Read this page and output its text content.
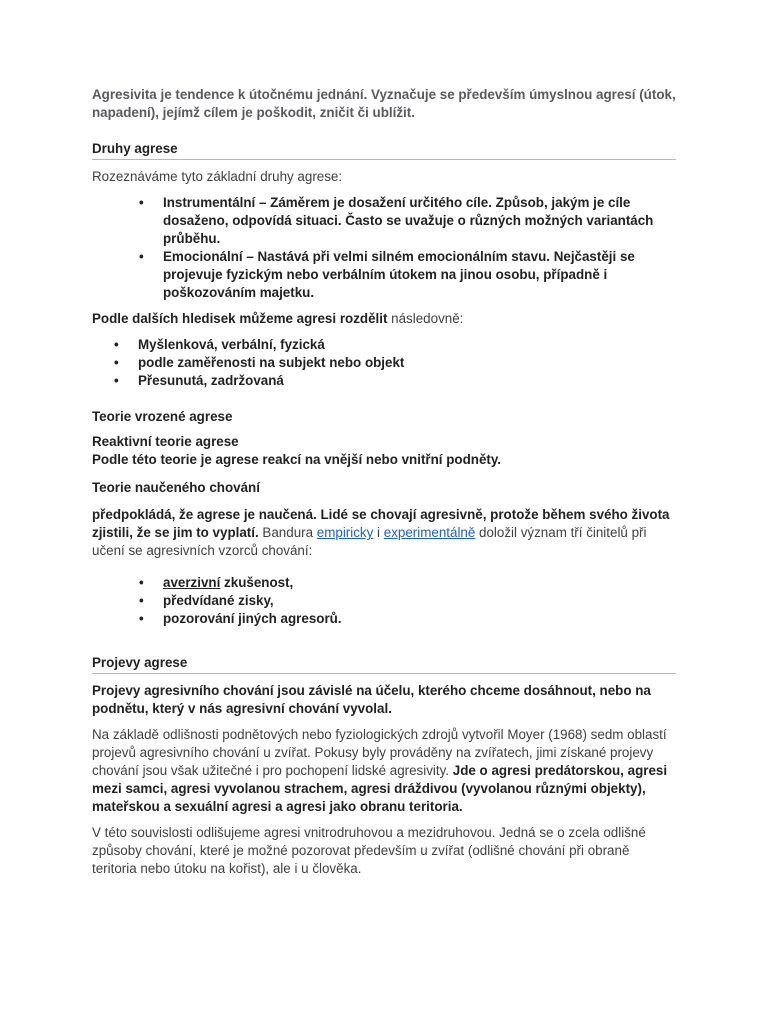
Agresivita je tendence k útočnému jednání. Vyznačuje se především úmyslnou agresí (útok, napadení), jejímž cílem je poškodit, zničit či ublížit.

Druhy agrese

Rozeznáváme tyto základní druhy agrese:

• Instrumentální – Záměrem je dosažení určitého cíle. Způsob, jakým je cíle dosaženo, odpovídá situaci. Často se uvažuje o různých možných variantách průběhu.
• Emocionální – Nastává při velmi silném emocionálním stavu. Nejčastěji se projevuje fyzickým nebo verbálním útokem na jinou osobu, případně i poškozováním majetku.

Podle dalších hledisek můžeme agresi rozdělit následovně:

• Myšlenková, verbální, fyzická
• podle zaměřenosti na subjekt nebo objekt
• Přesunutá, zadržovaná
Teorie vrozené agrese
Reaktivní teorie agrese

Podle této teorie je agrese reakcí na vnější nebo vnitřní podněty.

Teorie naučeného chování

předpokládá, že agrese je naučená. Lidé se chovají agresivně, protože během svého života zjistili, že se jim to vyplatí. Bandura empiricky i experimentálně doložil význam tří činitelů při učení se agresivních vzorců chování:

• averzivní zkušenost,
• předvídané zisky,
• pozorování jiných agresorů.
Projevy agrese

Projevy agresivního chování jsou závislé na účelu, kterého chceme dosáhnout, nebo na podnětu, který v nás agresivní chování vyvolal.

Na základě odlišnosti podnětových nebo fyziologických zdrojů vytvořil Moyer (1968) sedm oblastí projevů agresivního chování u zvířat. Pokusy byly prováděny na zvířatech, jimi získané projevy chování jsou však užitečné i pro pochopení lidské agresivity. Jde o agresi predátorskou, agresi mezi samci, agresi vyvolanou strachem, agresi dráždivou (vyvolanou různými objekty), mateřskou a sexuální agresi a agresi jako obranu teritoria.

V této souvislosti odlišujeme agresi vnitrodruhovou a mezidruhovou. Jedná se o zcela odlišné způsoby chování, které je možné pozorovat především u zvířat (odlišné chování při obraně teritoria nebo útoku na kořist), ale i u člověka.
